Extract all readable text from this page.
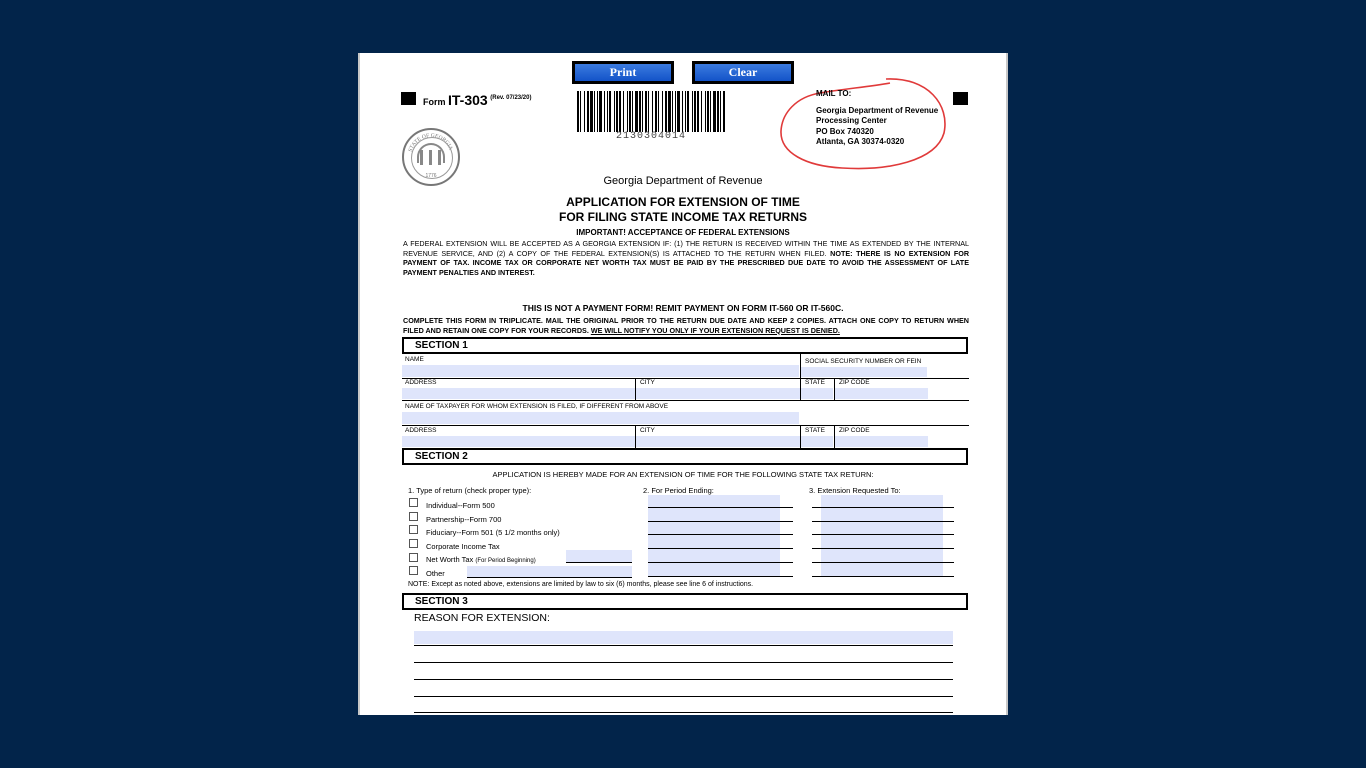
Print	Clear
Form IT-303 $^{(Rev. 07/23/20)}$
2130304014
MAIL TO:
Georgia Department of Revenue
Processing Center
PO Box 740320
Atlanta, GA 30374-0320
STATE OF GEORGIA
1776	Georgia Department of Revenue
APPLICATION FOR EXTENSION OF TIME
FOR FILING STATE INCOME TAX RETURNS
IMPORTANT! ACCEPTANCE OF FEDERAL EXTENSIONS
A FEDERAL EXTENSION WILL BE ACCEPTED AS A GEORGIA EXTENSION IF: (1) THE RETURN IS RECEIVED WITHIN THE TIME AS EXTENDED BY THE INTERNAL REVENUE SERVICE, AND (2) A COPY OF THE FEDERAL EXTENSION(S) IS ATTACHED TO THE RETURN WHEN FILED. NOTE: THERE IS NO EXTENSION FOR PAYMENT OF TAX. INCOME TAX OR CORPORATE NET WORTH TAX MUST BE PAID BY THE PRESCRIBED DUE DATE TO AVOID THE ASSESSMENT OF LATE PAYMENT PENALTIES AND INTEREST.
THIS IS NOT A PAYMENT FORM! REMIT PAYMENT ON FORM IT-560 OR IT-560C.
COMPLETE THIS FORM IN TRIPLICATE. MAIL THE ORIGINAL PRIOR TO THE RETURN DUE DATE AND KEEP 2 COPIES. ATTACH ONE COPY TO RETURN WHEN FILED AND RETAIN ONE COPY FOR YOUR RECORDS. WE WILL NOTIFY YOU ONLY IF YOUR EXTENSION REQUEST IS DENIED.
SECTION 1
NAME	SOCIAL SECURITY NUMBER OR FEIN
ADDRESS	CITY	STATE ZIP CODE
NAME OF TAXPAYER FOR WHOM EXTENSION IS FILED, IF DIFFERENT FROM ABOVE
ADDRESS	CITY	STATE ZIP CODE
SECTION 2
APPLICATION IS HEREBY MADE FOR AN EXTENSION OF TIME FOR THE FOLLOWING STATE TAX RETURN:
1. Type of return (check proper type):	2. For Period Ending:	3. Extension Requested To:
Individual--Form 500
Partnership--Form 700
Fiduciary--Form 501 (5 1/2 months only)
Corporate Income Tax
Net Worth Tax (For Period Beginning)
Other
NOTE: Except as noted above, extensions are limited by law to six (6) months, please see line 6 of instructions.
SECTION 3
REASON FOR EXTENSION:
